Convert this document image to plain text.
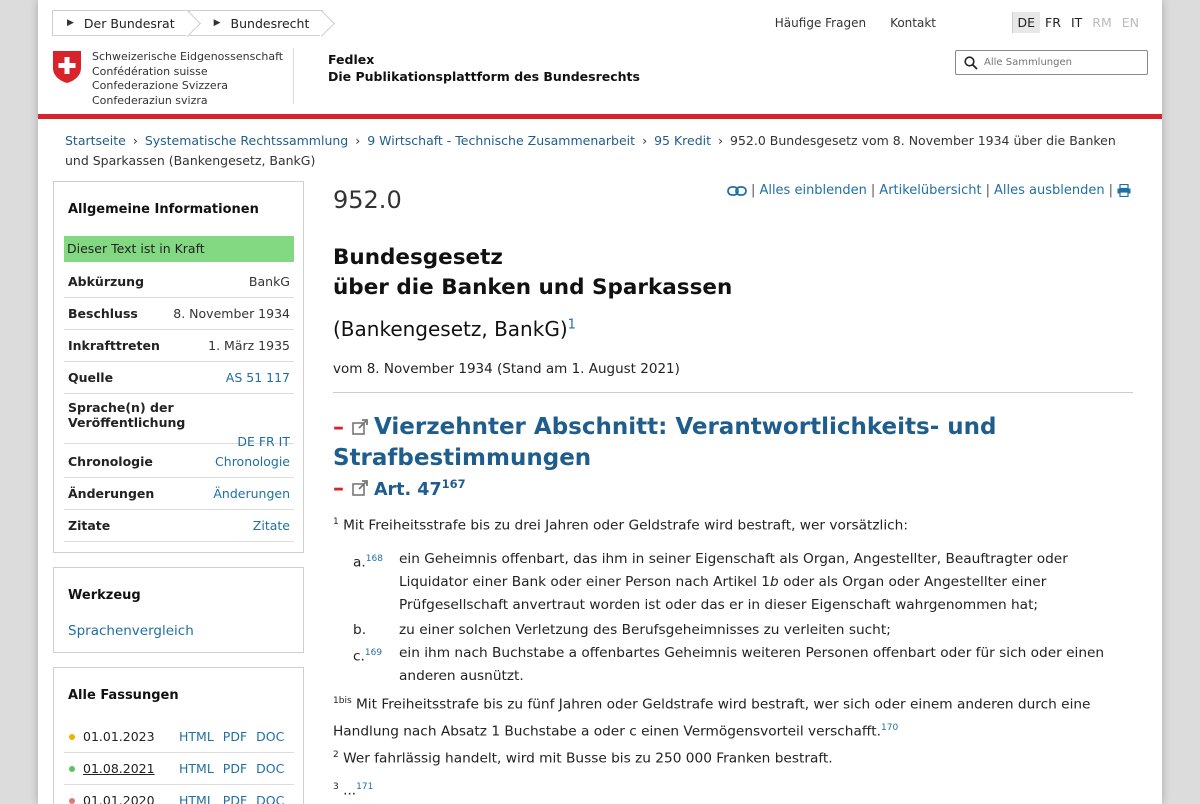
▶ Der Bundesrat	▶ Bundesrecht	Häufige Fragen Kontakt	DE FR IT RM EN
Schweizerische Eidgenossenschaft
Confédération suisse
Confederazione Svizzera
Confederaziun svizra
Fedlex
Die Publikationsplattform des Bundesrechts
Alle Sammlungen
Startseite › Systematische Rechtssammlung › 9 Wirtschaft - Technische Zusammenarbeit › 95 Kredit › 952.0 Bundesgesetz vom 8. November 1934 über die Banken und Sparkassen (Bankengesetz, BankG)
Allgemeine Informationen
Dieser Text ist in Kraft
Abkürzung	BankG
Beschluss	8. November 1934
Inkrafttreten	1. März 1935
Quelle	AS 51 117
Sprache(n) der Veröffentlichung
DE FR IT
Chronologie	Chronologie
Änderungen	Änderungen
Zitate	Zitate
Werkzeug
Sprachenvergleich
Alle Fassungen
01.01.2023	HTML PDF DOC
01.08.2021	HTML PDF DOC
01.01.2020	HTML PDF DOC
952.0	| Alles einblenden | Artikelübersicht | Alles ausblenden |
Bundesgesetz
über die Banken und Sparkassen
(Bankengesetz, BankG)$^1$
vom 8. November 1934 (Stand am 1. August 2021)
– Vierzehnter Abschnitt: Verantwortlichkeits- und Strafbestimmungen
– Art. $47^{167}$
$^1$ Mit Freiheitsstrafe bis zu drei Jahren oder Geldstrafe wird bestraft, wer vorsätzlich:
a.$^{168}$ ein Geheimnis offenbart, das ihm in seiner Eigenschaft als Organ, Angestellter, Beauftragter oder Liquidator einer Bank oder einer Person nach Artikel 1b oder als Organ oder Angestellter einer Prüfgesellschaft anvertraut worden ist oder das er in dieser Eigenschaft wahrgenommen hat;
b. zu einer solchen Verletzung des Berufsgeheimnisses zu verleiten sucht;
c.$^{169}$ ein ihm nach Buchstabe a offenbartes Geheimnis weiteren Personen offenbart oder für sich oder einen anderen ausnützt.
$^{1bis}$ Mit Freiheitsstrafe bis zu fünf Jahren oder Geldstrafe wird bestraft, wer sich oder einem anderen durch eine Handlung nach Absatz 1 Buchstabe a oder c einen Vermögensvorteil verschafft.$^{170}$
$^2$ Wer fahrlässig handelt, wird mit Busse bis zu 250 000 Franken bestraft.
$^3$ ...$^{171}$
